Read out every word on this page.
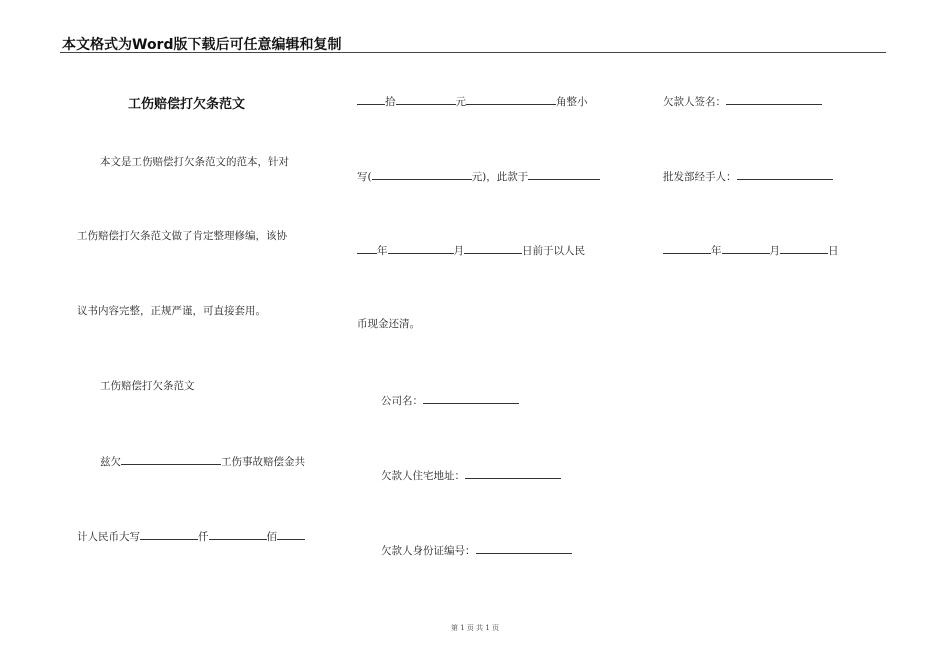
本文格式为Word版下载后可任意编辑和复制
工伤赔偿打欠条范文
本文是工伤赔偿打欠条范文的范本，针对
工伤赔偿打欠条范文做了肯定整理修编，该协
议书内容完整，正规严谨，可直接套用。
工伤赔偿打欠条范文
兹欠	工伤事故赔偿金共
计人民币大写	仟	佰
拾	元	角整小
写(	元)，此款于
年	月	日前于以人民
币现金还清。
公司名：
欠款人住宅地址：
欠款人身份证编号：
欠款人签名：
批发部经手人：
年	月	日
第 1 页 共 1 页
